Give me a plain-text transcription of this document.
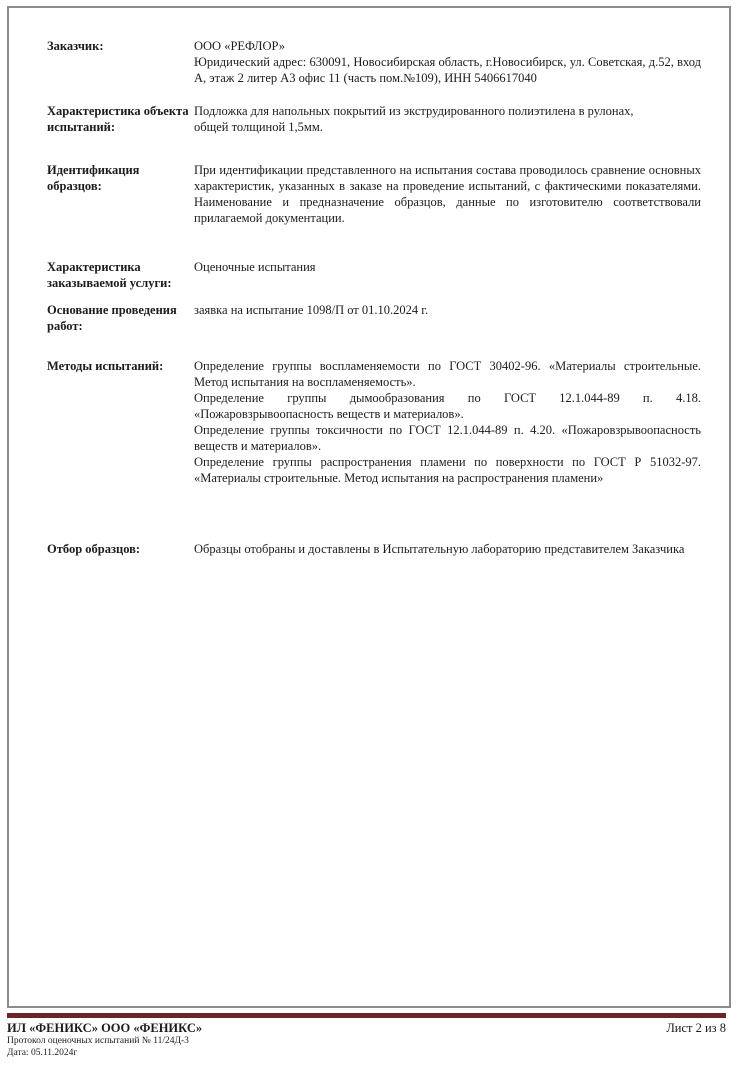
Заказчик:	ООО «РЕФЛОР»

Юридический адрес: 630091, Новосибирская область, г.Новосибирск, ул. Советская, д.52, вход А, этаж 2 литер А3 офис 11 (часть пом.№109), ИНН 5406617040

Характеристика объекта испытаний:

Подложка для напольных покрытий из экструдированного полиэтилена в рулонах,
общей толщиной 1,5мм.

Идентификация образцов:

При идентификации представленного на испытания состава проводилось сравнение основных характеристик, указанных в заказе на проведение испытаний, с фактическими показателями. Наименование и предназначение образцов, данные по изготовителю соответствовали прилагаемой документации.

Характеристика заказываемой услуги:

Оценочные испытания

Основание проведения работ:

заявка на испытание 1098/П от 01.10.2024 г.

Методы испытаний:	Определение группы воспламеняемости по ГОСТ 30402-96. «Материалы строительные. Метод испытания на воспламеняемость».

Определение группы дымообразования по ГОСТ 12.1.044-89 п. 4.18.

«Пожаровзрывоопасность веществ и материалов».

Определение группы токсичности по ГОСТ 12.1.044-89 п. 4.20. «Пожаровзрывоопасность веществ и материалов».

Определение группы распространения пламени по поверхности по ГОСТ Р 51032-97. «Материалы строительные. Метод испытания на распространения пламени»

Отбор образцов:	Образцы отобраны и доставлены в Испытательную лабораторию представителем Заказчика

ИЛ «ФЕНИКС» ООО «ФЕНИКС»
Протокол оценочных испытаний № 11/24Д-3
Дата: 05.11.2024г
Лист 2 из 8
